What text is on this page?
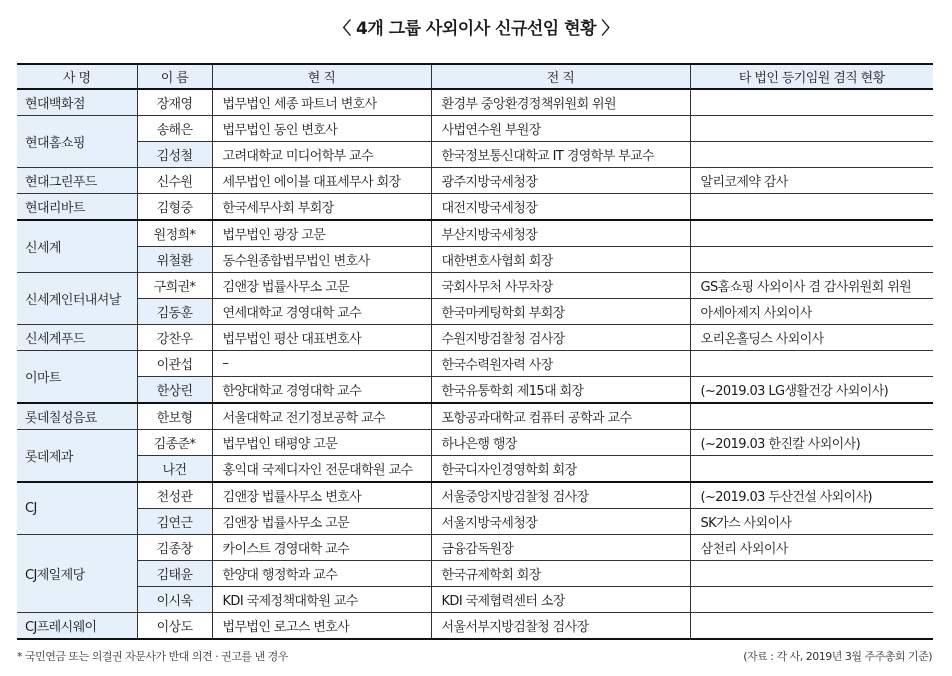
〈 4개 그룹 사외이사 신규선임 현황 〉
사 명	이 름	현 직	전 직	타 법인 등기임원 겸직 현황
현대백화점	장재영	법무법인 세종 파트너 변호사	환경부 중앙환경정책위원회 위원	
현대홈쇼핑	송해은	법무법인 동인 변호사	사법연수원 부원장	
	김성철	고려대학교 미디어학부 교수	한국정보통신대학교 IT 경영학부 부교수	
현대그린푸드	신수원	세무법인 에이블 대표세무사 회장	광주지방국세청장	알리코제약 감사
현대리바트	김형중	한국세무사회 부회장	대전지방국세청장	
신세계	원정희*	법무법인 광장 고문	부산지방국세청장	
	위철환	동수원종합법무법인 변호사	대한변호사협회 회장	
신세계인터내셔날	구희권*	김앤장 법률사무소 고문	국회사무처 사무차장	GS홈쇼핑 사외이사 겸 감사위원회 위원
	김동훈	연세대학교 경영대학 교수	한국마케팅학회 부회장	아세아제지 사외이사
신세계푸드	강찬우	법무법인 평산 대표변호사	수원지방검찰청 검사장	오리온홀딩스 사외이사
이마트	이관섭	–	한국수력원자력 사장	
	한상린	한양대학교 경영대학 교수	한국유통학회 제15대 회장	(~2019.03 LG생활건강 사외이사)
롯데칠성음료	한보형	서울대학교 전기정보공학 교수	포항공과대학교 컴퓨터 공학과 교수	
롯데제과	김종준*	법무법인 태평양 고문	하나은행 행장	(~2019.03 한진칼 사외이사)
	나건	홍익대 국제디자인 전문대학원 교수	한국디자인경영학회 회장	
CJ	천성관	김앤장 법률사무소 변호사	서울중앙지방검찰청 검사장	(~2019.03 두산건설 사외이사)
	김연근	김앤장 법률사무소 고문	서울지방국세청장	SK가스 사외이사
CJ제일제당	김종창	카이스트 경영대학 교수	금융감독원장	삼천리 사외이사
	김태윤	한양대 행정학과 교수	한국규제학회 회장	
	이시욱	KDI 국제정책대학원 교수	KDI 국제협력센터 소장	
CJ프레시웨이	이상도	법무법인 로고스 변호사	서울서부지방검찰청 검사장	
* 국민연금 또는 의결권 자문사가 반대 의견 · 권고를 낸 경우	(자료 : 각 사, 2019년 3월 주주총회 기준)
